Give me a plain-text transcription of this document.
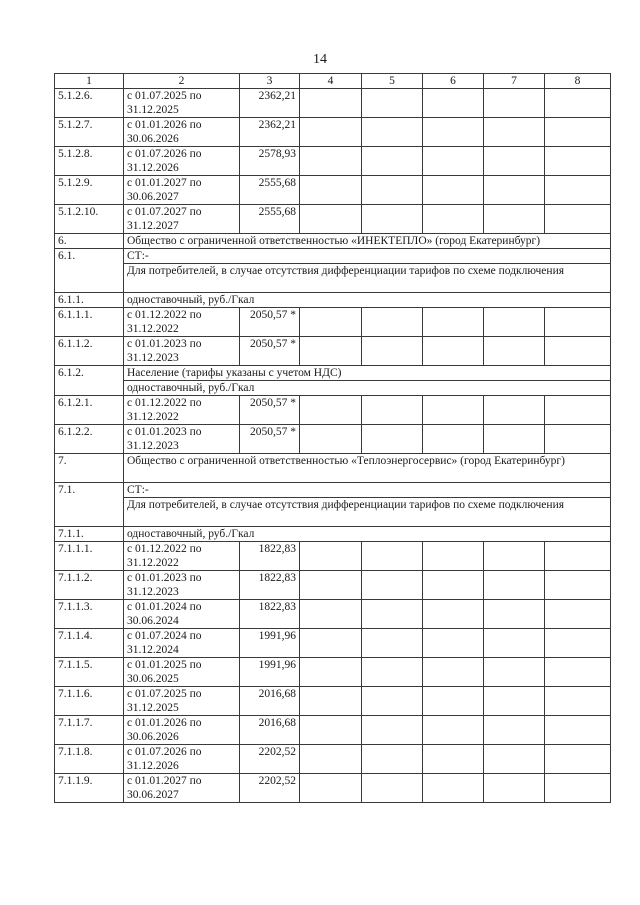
14
1	2	3	4	5	6	7	8
5.1.2.6.	с 01.07.2025 по 31.12.2025	2362,21					
5.1.2.7.	с 01.01.2026 по 30.06.2026	2362,21					
5.1.2.8.	с 01.07.2026 по 31.12.2026	2578,93					
5.1.2.9.	с 01.01.2027 по 30.06.2027	2555,68					
5.1.2.10.	с 01.07.2027 по 31.12.2027	2555,68					
6.	Общество с ограниченной ответственностью «ИНЕКТЕПЛО» (город Екатеринбург)						
6.1.	СТ:-						
	Для потребителей, в случае отсутствия дифференциации тарифов по схеме подключения						
6.1.1.	одноставочный, руб./Гкал						
6.1.1.1.	с 01.12.2022 по 31.12.2022	2050,57 *					
6.1.1.2.	с 01.01.2023 по 31.12.2023	2050,57 *					
6.1.2.	Население (тарифы указаны с учетом НДС)						
	одноставочный, руб./Гкал						
6.1.2.1.	с 01.12.2022 по 31.12.2022	2050,57 *					
6.1.2.2.	с 01.01.2023 по 31.12.2023	2050,57 *					
7.	Общество с ограниченной ответственностью «Теплоэнергосервис» (город Екатеринбург)						
7.1.	СТ:-						
	Для потребителей, в случае отсутствия дифференциации тарифов по схеме подключения						
7.1.1.	одноставочный, руб./Гкал						
7.1.1.1.	с 01.12.2022 по 31.12.2022	1822,83					
7.1.1.2.	с 01.01.2023 по 31.12.2023	1822,83					
7.1.1.3.	с 01.01.2024 по 30.06.2024	1822,83					
7.1.1.4.	с 01.07.2024 по 31.12.2024	1991,96					
7.1.1.5.	с 01.01.2025 по 30.06.2025	1991,96					
7.1.1.6.	с 01.07.2025 по 31.12.2025	2016,68					
7.1.1.7.	с 01.01.2026 по 30.06.2026	2016,68					
7.1.1.8.	с 01.07.2026 по 31.12.2026	2202,52					
7.1.1.9.	с 01.01.2027 по 30.06.2027	2202,52					
